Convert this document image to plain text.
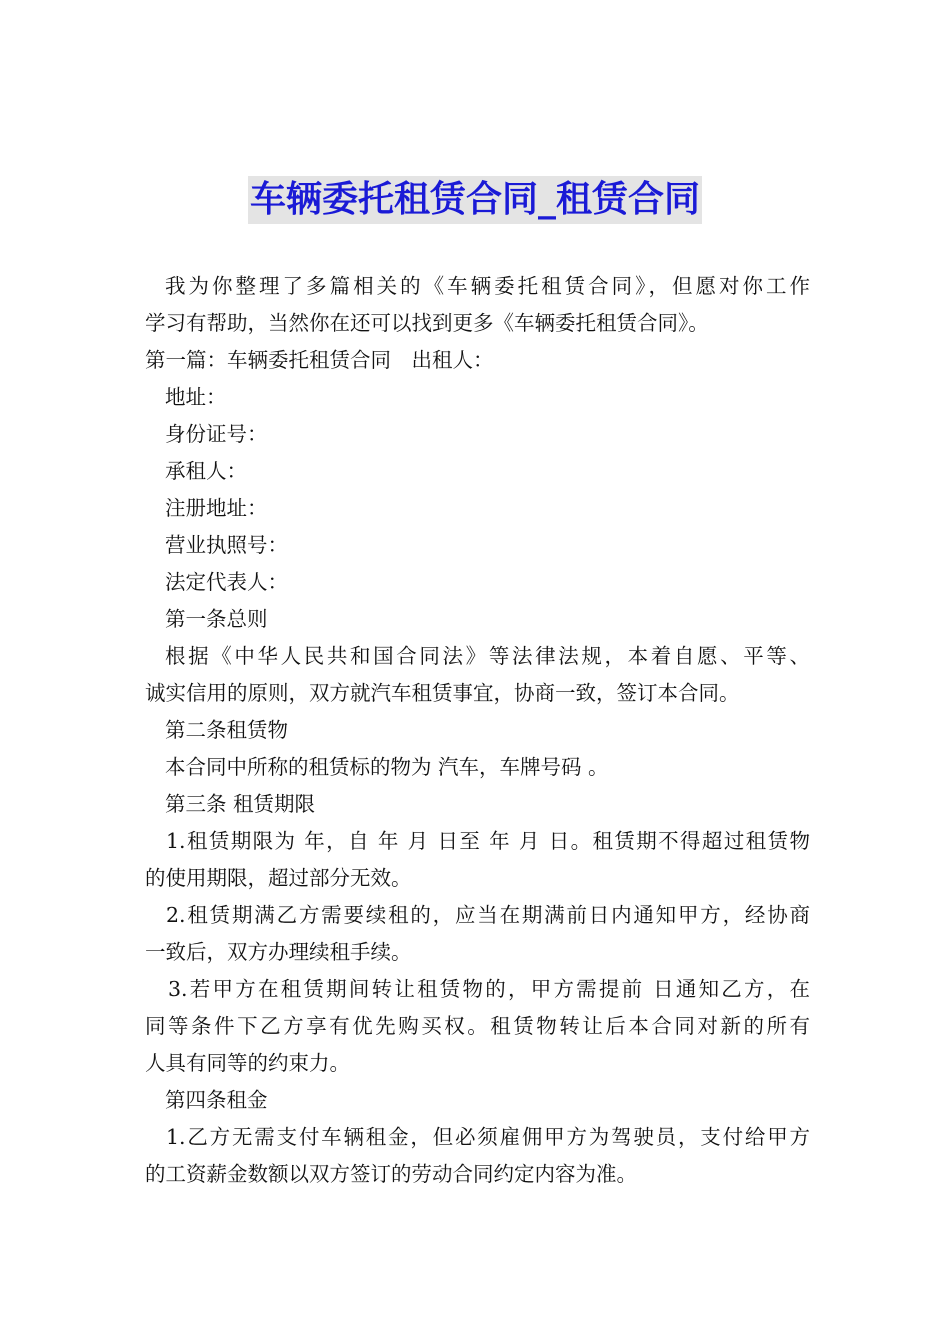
车辆委托租赁合同_租赁合同

我为你整理了多篇相关的《车辆委托租赁合同》，但愿对你工作

学习有帮助，当然你在还可以找到更多《车辆委托租赁合同》。

第一篇：车辆委托租赁合同　出租人：

地址：

身份证号：

承租人：

注册地址：

营业执照号：

法定代表人：

第一条总则

根据《中华人民共和国合同法》等法律法规，本着自愿、平等、

诚实信用的原则，双方就汽车租赁事宜，协商一致，签订本合同。

第二条租赁物

本合同中所称的租赁标的物为 汽车，车牌号码 。

第三条 租赁期限

1.租赁期限为 年，自 年 月 日至 年 月 日。租赁期不得超过租赁物

的使用期限，超过部分无效。

2.租赁期满乙方需要续租的，应当在期满前日内通知甲方，经协商

一致后，双方办理续租手续。

3.若甲方在租赁期间转让租赁物的，甲方需提前 日通知乙方，在

同等条件下乙方享有优先购买权。租赁物转让后本合同对新的所有

人具有同等的约束力。

第四条租金

1.乙方无需支付车辆租金，但必须雇佣甲方为驾驶员，支付给甲方

的工资薪金数额以双方签订的劳动合同约定内容为准。
